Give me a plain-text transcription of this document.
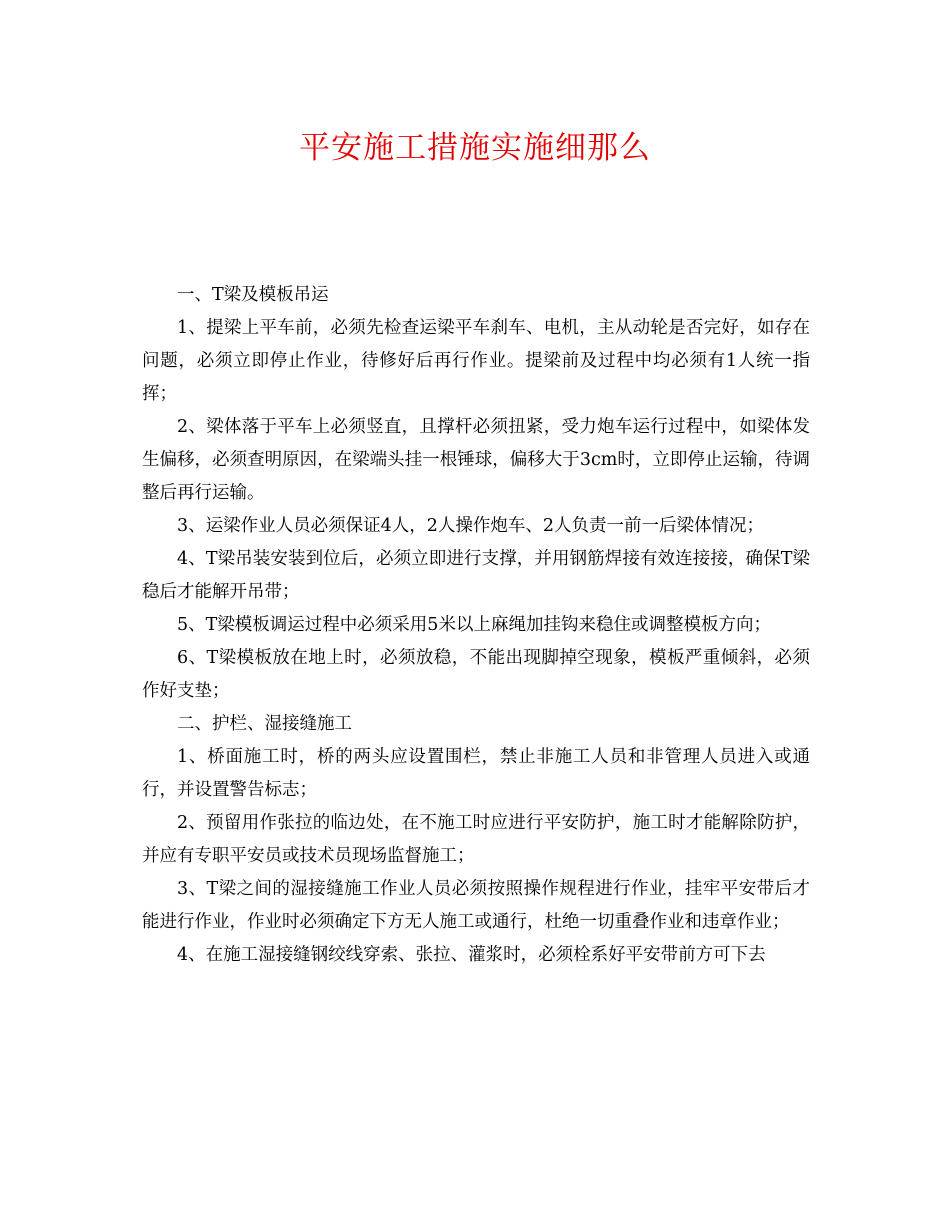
平安施工措施实施细那么

一、T梁及模板吊运

1、提梁上平车前，必须先检查运梁平车刹车、电机，主从动轮是否完好，如存在问题，必须立即停止作业，待修好后再行作业。提梁前及过程中均必须有1人统一指挥；

2、梁体落于平车上必须竖直，且撑杆必须扭紧，受力炮车运行过程中，如梁体发生偏移，必须查明原因，在梁端头挂一根锤球，偏移大于3cm时，立即停止运输，待调整后再行运输。

3、运梁作业人员必须保证4人，2人操作炮车、2人负责一前一后梁体情况；

4、T梁吊装安装到位后，必须立即进行支撑，并用钢筋焊接有效连接接，确保T梁稳后才能解开吊带；

5、T梁模板调运过程中必须采用5米以上麻绳加挂钩来稳住或调整模板方向；

6、T梁模板放在地上时，必须放稳，不能出现脚掉空现象，模板严重倾斜，必须作好支垫；

二、护栏、湿接缝施工

1、桥面施工时，桥的两头应设置围栏，禁止非施工人员和非管理人员进入或通行，并设置警告标志；

2、预留用作张拉的临边处，在不施工时应进行平安防护，施工时才能解除防护，并应有专职平安员或技术员现场监督施工；

3、T梁之间的湿接缝施工作业人员必须按照操作规程进行作业，挂牢平安带后才能进行作业，作业时必须确定下方无人施工或通行，杜绝一切重叠作业和违章作业；

4、在施工湿接缝钢绞线穿索、张拉、灌浆时，必须栓系好平安带前方可下去
